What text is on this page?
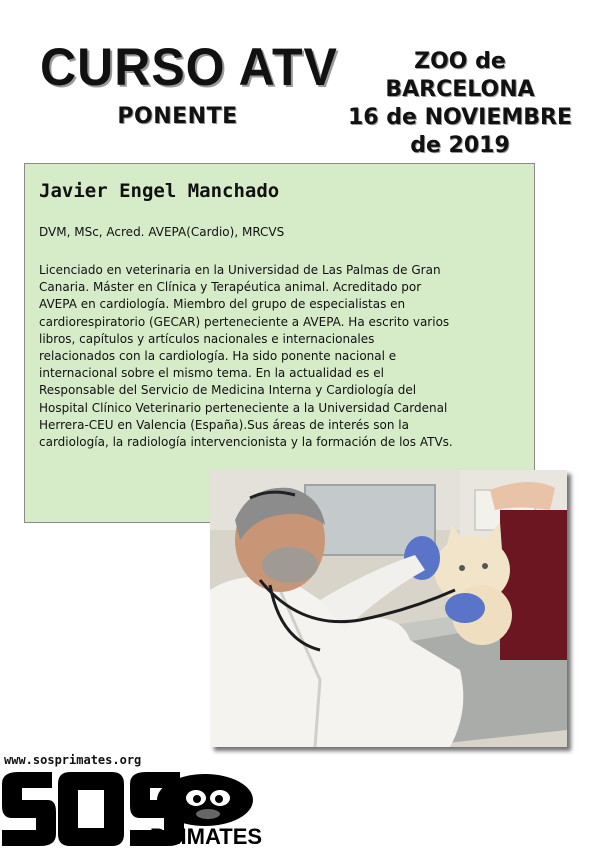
CURSO ATV
PONENTE
ZOO de BARCELONA
16 de NOVIEMBRE
de 2019
Javier Engel Manchado
DVM, MSc, Acred. AVEPA(Cardio), MRCVS
Licenciado en veterinaria en la Universidad de Las Palmas de Gran
Canaria. Máster en Clínica y Terapéutica animal. Acreditado por
AVEPA en cardiología. Miembro del grupo de especialistas en
cardiorespiratorio (GECAR) perteneciente a AVEPA. Ha escrito varios
libros, capítulos y artículos nacionales e internacionales
relacionados con la cardiología. Ha sido ponente nacional e
internacional sobre el mismo tema. En la actualidad es el
Responsable del Servicio de Medicina Interna y Cardiología del
Hospital Clínico Veterinario perteneciente a la Universidad Cardenal
Herrera-CEU en Valencia (España).Sus áreas de interés son la
cardiología, la radiología intervencionista y la formación de los ATVs.
www.sosprimates.org
PRIMATES
